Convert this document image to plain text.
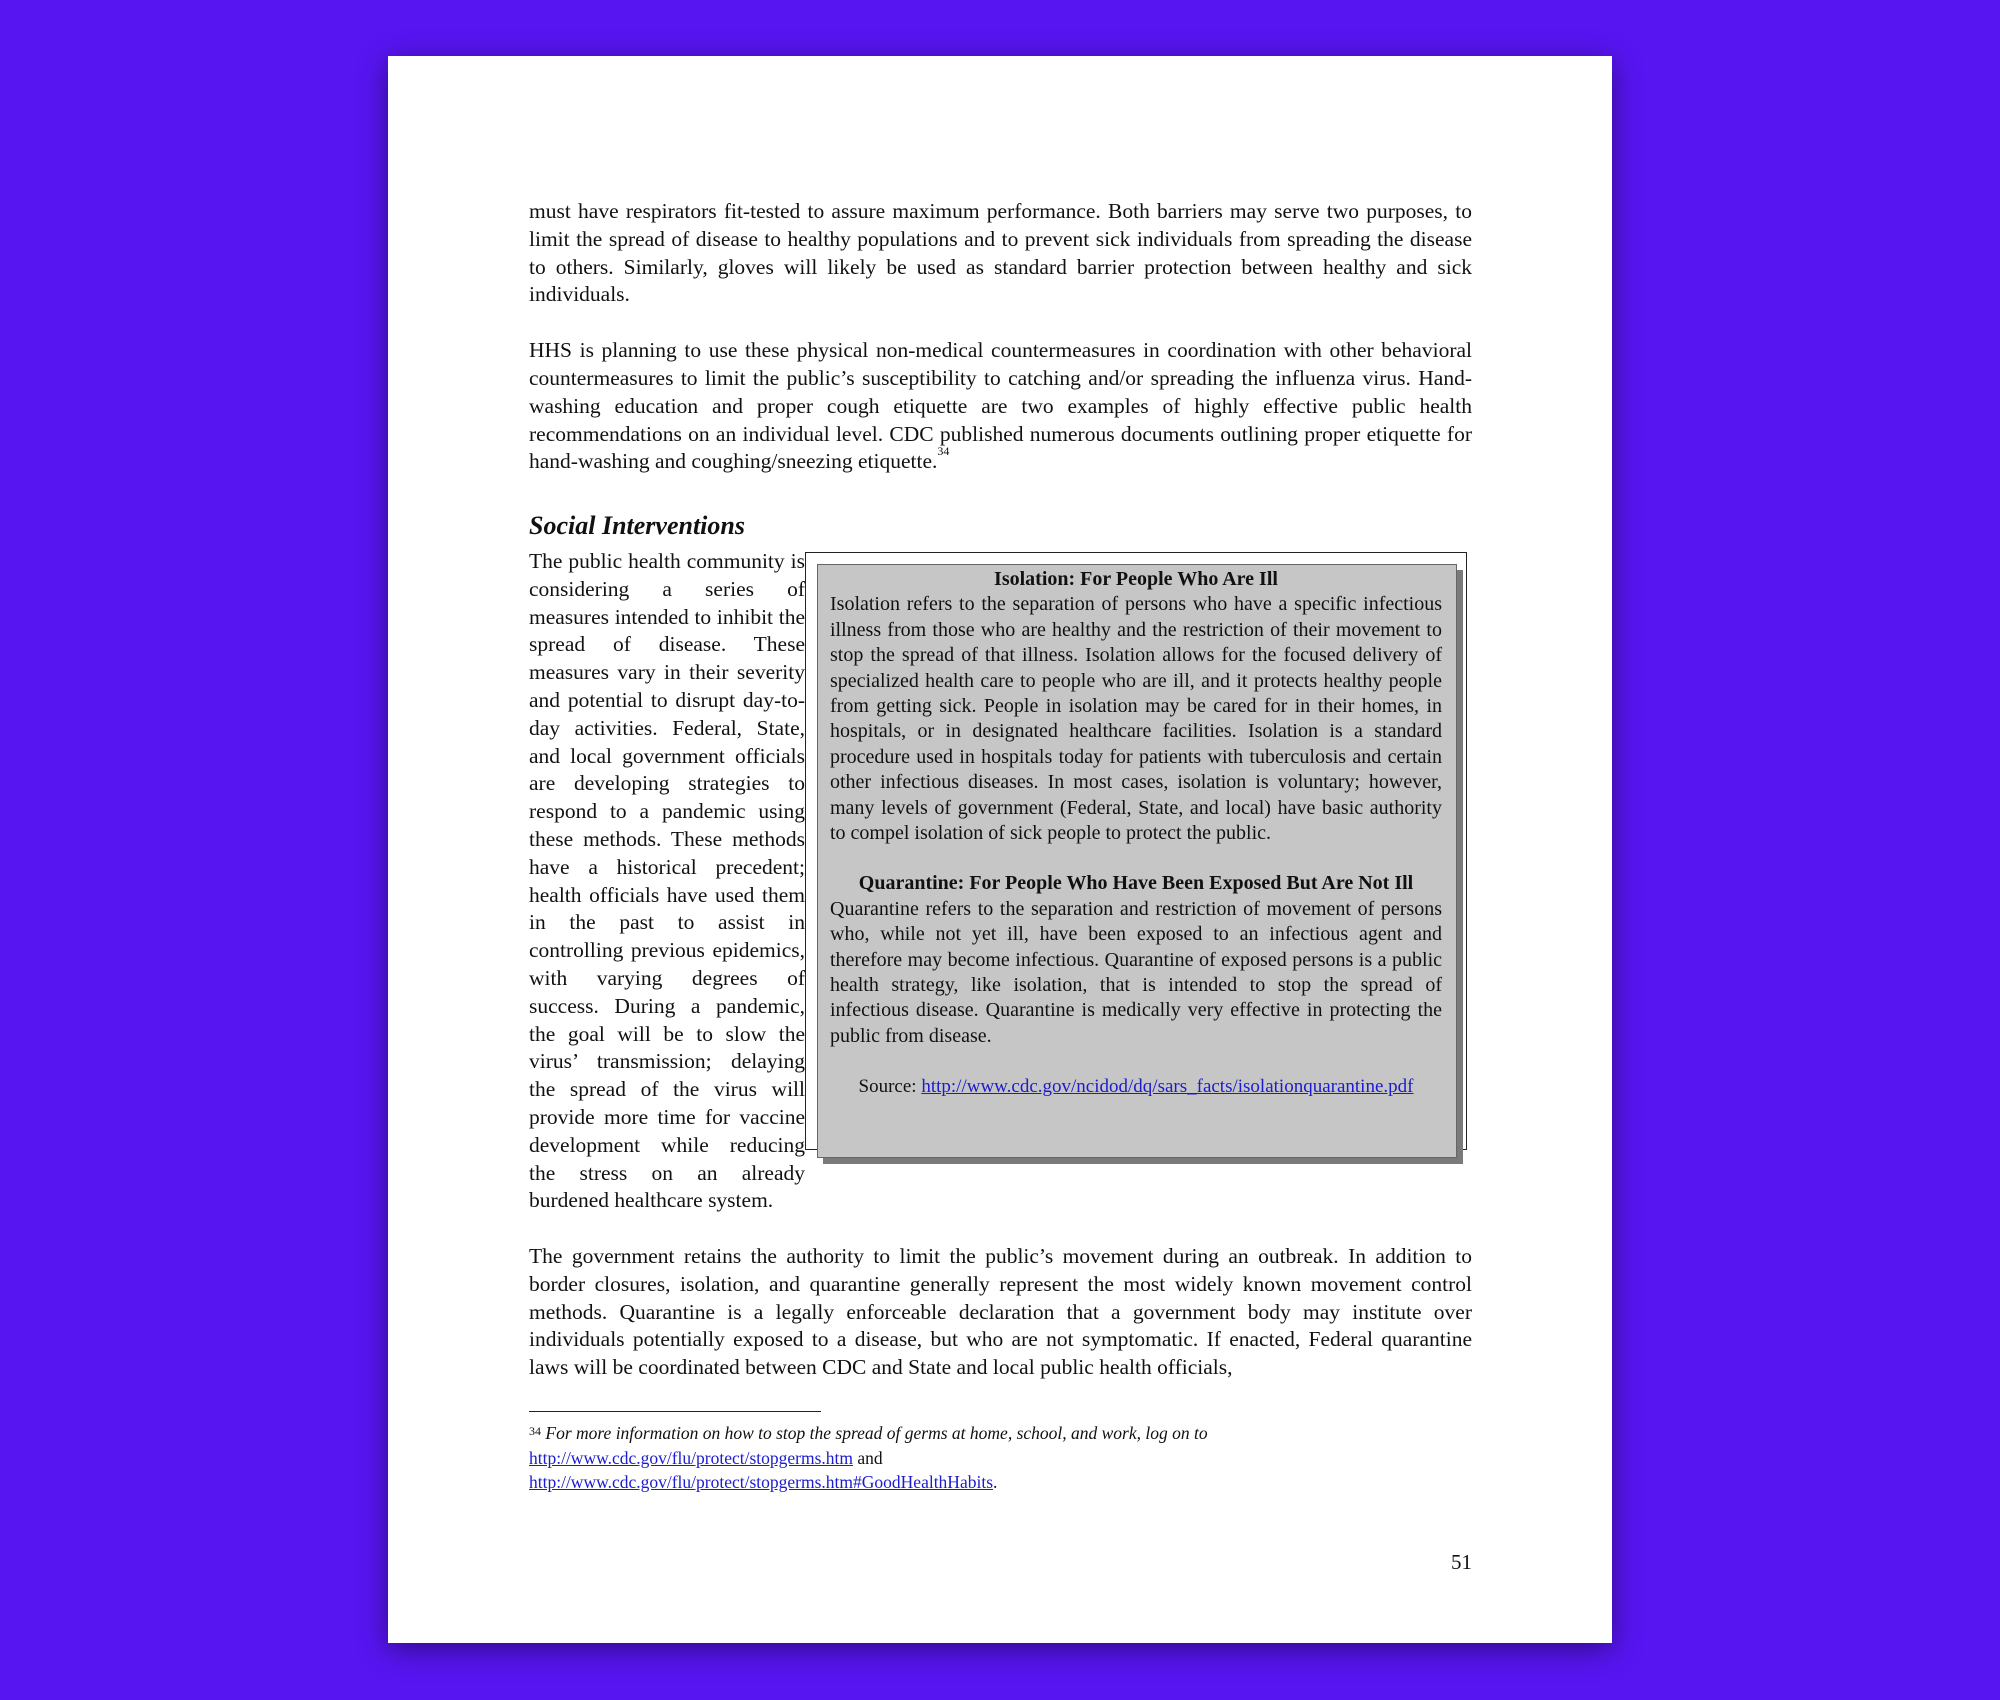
must have respirators fit-tested to assure maximum performance. Both barriers may serve two purposes, to limit the spread of disease to healthy populations and to prevent sick individuals from spreading the disease to others. Similarly, gloves will likely be used as standard barrier protection between healthy and sick individuals.

HHS is planning to use these physical non-medical countermeasures in coordination with other behavioral countermeasures to limit the public’s susceptibility to catching and/or spreading the influenza virus. Hand-washing education and proper cough etiquette are two examples of highly effective public health recommendations on an individual level. CDC published numerous documents outlining proper etiquette for hand-washing and coughing/sneezing etiquette.$^{34}$

Social Interventions
Isolation: For People Who Are Ill
Isolation refers to the separation of persons who have a specific infectious illness from those who are healthy and the restriction of their movement to stop the spread of that illness. Isolation allows for the focused delivery of specialized health care to people who are ill, and it protects healthy people from getting sick. People in isolation may be cared for in their homes, in hospitals, or in designated healthcare facilities. Isolation is a standard procedure used in hospitals today for patients with tuberculosis and certain other infectious diseases. In most cases, isolation is voluntary; however, many levels of government (Federal, State, and local) have basic authority to compel isolation of sick people to protect the public.
Quarantine: For People Who Have Been Exposed But Are Not Ill
Quarantine refers to the separation and restriction of movement of persons who, while not yet ill, have been exposed to an infectious agent and therefore may become infectious. Quarantine of exposed persons is a public health strategy, like isolation, that is intended to stop the spread of infectious disease. Quarantine is medically very effective in protecting the public from disease.
Source: http://www.cdc.gov/ncidod/dq/sars_facts/isolationquarantine.pdf

The public health community is considering a series of measures intended to inhibit the spread of disease. These measures vary in their severity and potential to disrupt day-to-day activities. Federal, State, and local government officials are developing strategies to respond to a pandemic using these methods. These methods have a historical precedent; health officials have used them in the past to assist in controlling previous epidemics, with varying degrees of success. During a pandemic, the goal will be to slow the virus’ transmission; delaying the spread of the virus will provide more time for vaccine development while reducing the stress on an already burdened healthcare system.

The government retains the authority to limit the public’s movement during an outbreak. In addition to border closures, isolation, and quarantine generally represent the most widely known movement control methods. Quarantine is a legally enforceable declaration that a government body may institute over individuals potentially exposed to a disease, but who are not symptomatic. If enacted, Federal quarantine laws will be coordinated between CDC and State and local public health officials,

$^{34}$ For more information on how to stop the spread of germs at home, school, and work, log on to
http://www.cdc.gov/flu/protect/stopgerms.htm and
http://www.cdc.gov/flu/protect/stopgerms.htm#GoodHealthHabits.
51
